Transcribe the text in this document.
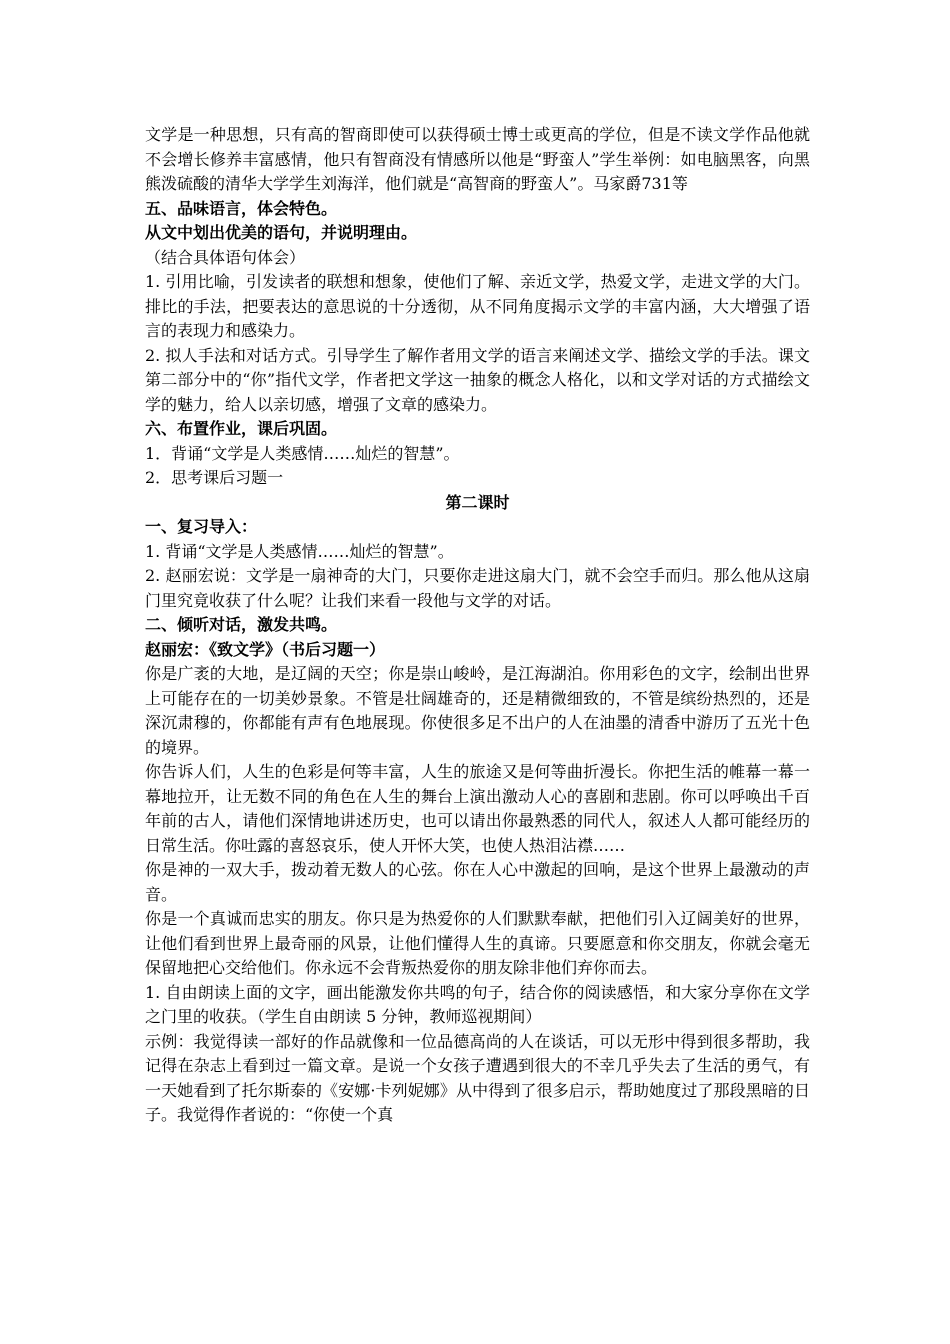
文学是一种思想，只有高的智商即使可以获得硕士博士或更高的学位，但是不读文学作品他就不会增长修养丰富感情，他只有智商没有情感所以他是“野蛮人”学生举例：如电脑黑客，向黑熊泼硫酸的清华大学学生刘海洋，他们就是“高智商的野蛮人”。马家爵731等

五、品味语言，体会特色。

从文中划出优美的语句，并说明理由。

（结合具体语句体会）

1. 引用比喻，引发读者的联想和想象，使他们了解、亲近文学，热爱文学，走进文学的大门。排比的手法，把要表达的意思说的十分透彻，从不同角度揭示文学的丰富内涵，大大增强了语言的表现力和感染力。

2. 拟人手法和对话方式。引导学生了解作者用文学的语言来阐述文学、描绘文学的手法。课文第二部分中的“你”指代文学，作者把文学这一抽象的概念人格化，以和文学对话的方式描绘文学的魅力，给人以亲切感，增强了文章的感染力。

六、布置作业，课后巩固。

1．背诵“文学是人类感情……灿烂的智慧”。

2．思考课后习题一

第二课时

一、复习导入：

1. 背诵“文学是人类感情……灿烂的智慧”。

2. 赵丽宏说：文学是一扇神奇的大门，只要你走进这扇大门，就不会空手而归。那么他从这扇门里究竟收获了什么呢？让我们来看一段他与文学的对话。

二、倾听对话，激发共鸣。

赵丽宏：《致文学》（书后习题一）

你是广袤的大地，是辽阔的天空；你是崇山峻岭，是江海湖泊。你用彩色的文字，绘制出世界上可能存在的一切美妙景象。不管是壮阔雄奇的，还是精微细致的，不管是缤纷热烈的，还是深沉肃穆的，你都能有声有色地展现。你使很多足不出户的人在油墨的清香中游历了五光十色的境界。

你告诉人们，人生的色彩是何等丰富，人生的旅途又是何等曲折漫长。你把生活的帷幕一幕一幕地拉开，让无数不同的角色在人生的舞台上演出激动人心的喜剧和悲剧。你可以呼唤出千百年前的古人，请他们深情地讲述历史，也可以请出你最熟悉的同代人，叙述人人都可能经历的日常生活。你吐露的喜怒哀乐，使人开怀大笑，也使人热泪沾襟……

你是神的一双大手，拨动着无数人的心弦。你在人心中激起的回响，是这个世界上最激动的声音。

你是一个真诚而忠实的朋友。你只是为热爱你的人们默默奉献，把他们引入辽阔美好的世界，让他们看到世界上最奇丽的风景，让他们懂得人生的真谛。只要愿意和你交朋友，你就会毫无保留地把心交给他们。你永远不会背叛热爱你的朋友除非他们弃你而去。

1. 自由朗读上面的文字，画出能激发你共鸣的句子，结合你的阅读感悟，和大家分享你在文学之门里的收获。（学生自由朗读 5 分钟，教师巡视期间）

示例：我觉得读一部好的作品就像和一位品德高尚的人在谈话，可以无形中得到很多帮助，我记得在杂志上看到过一篇文章。是说一个女孩子遭遇到很大的不幸几乎失去了生活的勇气，有一天她看到了托尔斯泰的《安娜·卡列妮娜》从中得到了很多启示，帮助她度过了那段黑暗的日子。我觉得作者说的：“你使一个真
